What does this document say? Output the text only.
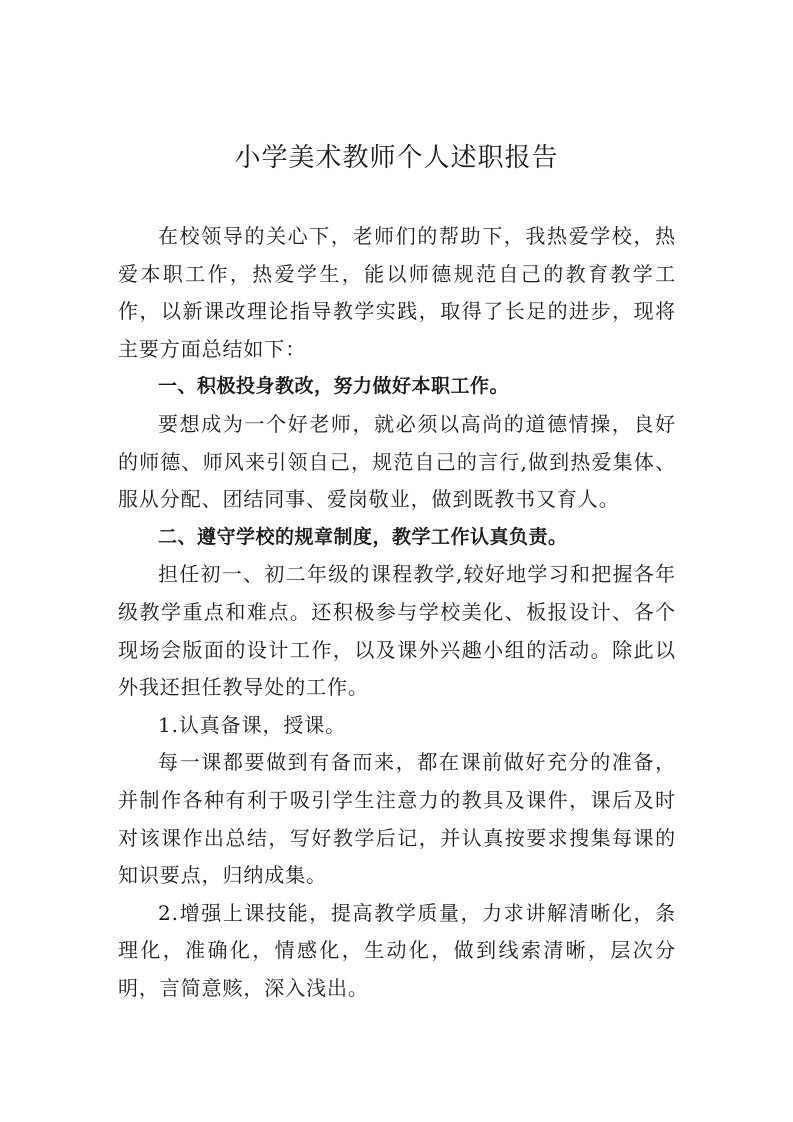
小学美术教师个人述职报告

在校领导的关心下，老师们的帮助下，我热爱学校，热爱本职工作，热爱学生，能以师德规范自己的教育教学工作，以新课改理论指导教学实践，取得了长足的进步，现将主要方面总结如下：

一、积极投身教改，努力做好本职工作。

要想成为一个好老师，就必须以高尚的道德情操，良好的师德、师风来引领自己，规范自己的言行,做到热爱集体、服从分配、团结同事、爱岗敬业，做到既教书又育人。

二、遵守学校的规章制度，教学工作认真负责。

担任初一、初二年级的课程教学,较好地学习和把握各年级教学重点和难点。还积极参与学校美化、板报设计、各个现场会版面的设计工作，以及课外兴趣小组的活动。除此以外我还担任教导处的工作。

1.认真备课，授课。

每一课都要做到有备而来，都在课前做好充分的准备，并制作各种有利于吸引学生注意力的教具及课件，课后及时对该课作出总结，写好教学后记，并认真按要求搜集每课的知识要点，归纳成集。

2.增强上课技能，提高教学质量，力求讲解清晰化，条理化，准确化，情感化，生动化，做到线索清晰，层次分明，言简意赅，深入浅出。
